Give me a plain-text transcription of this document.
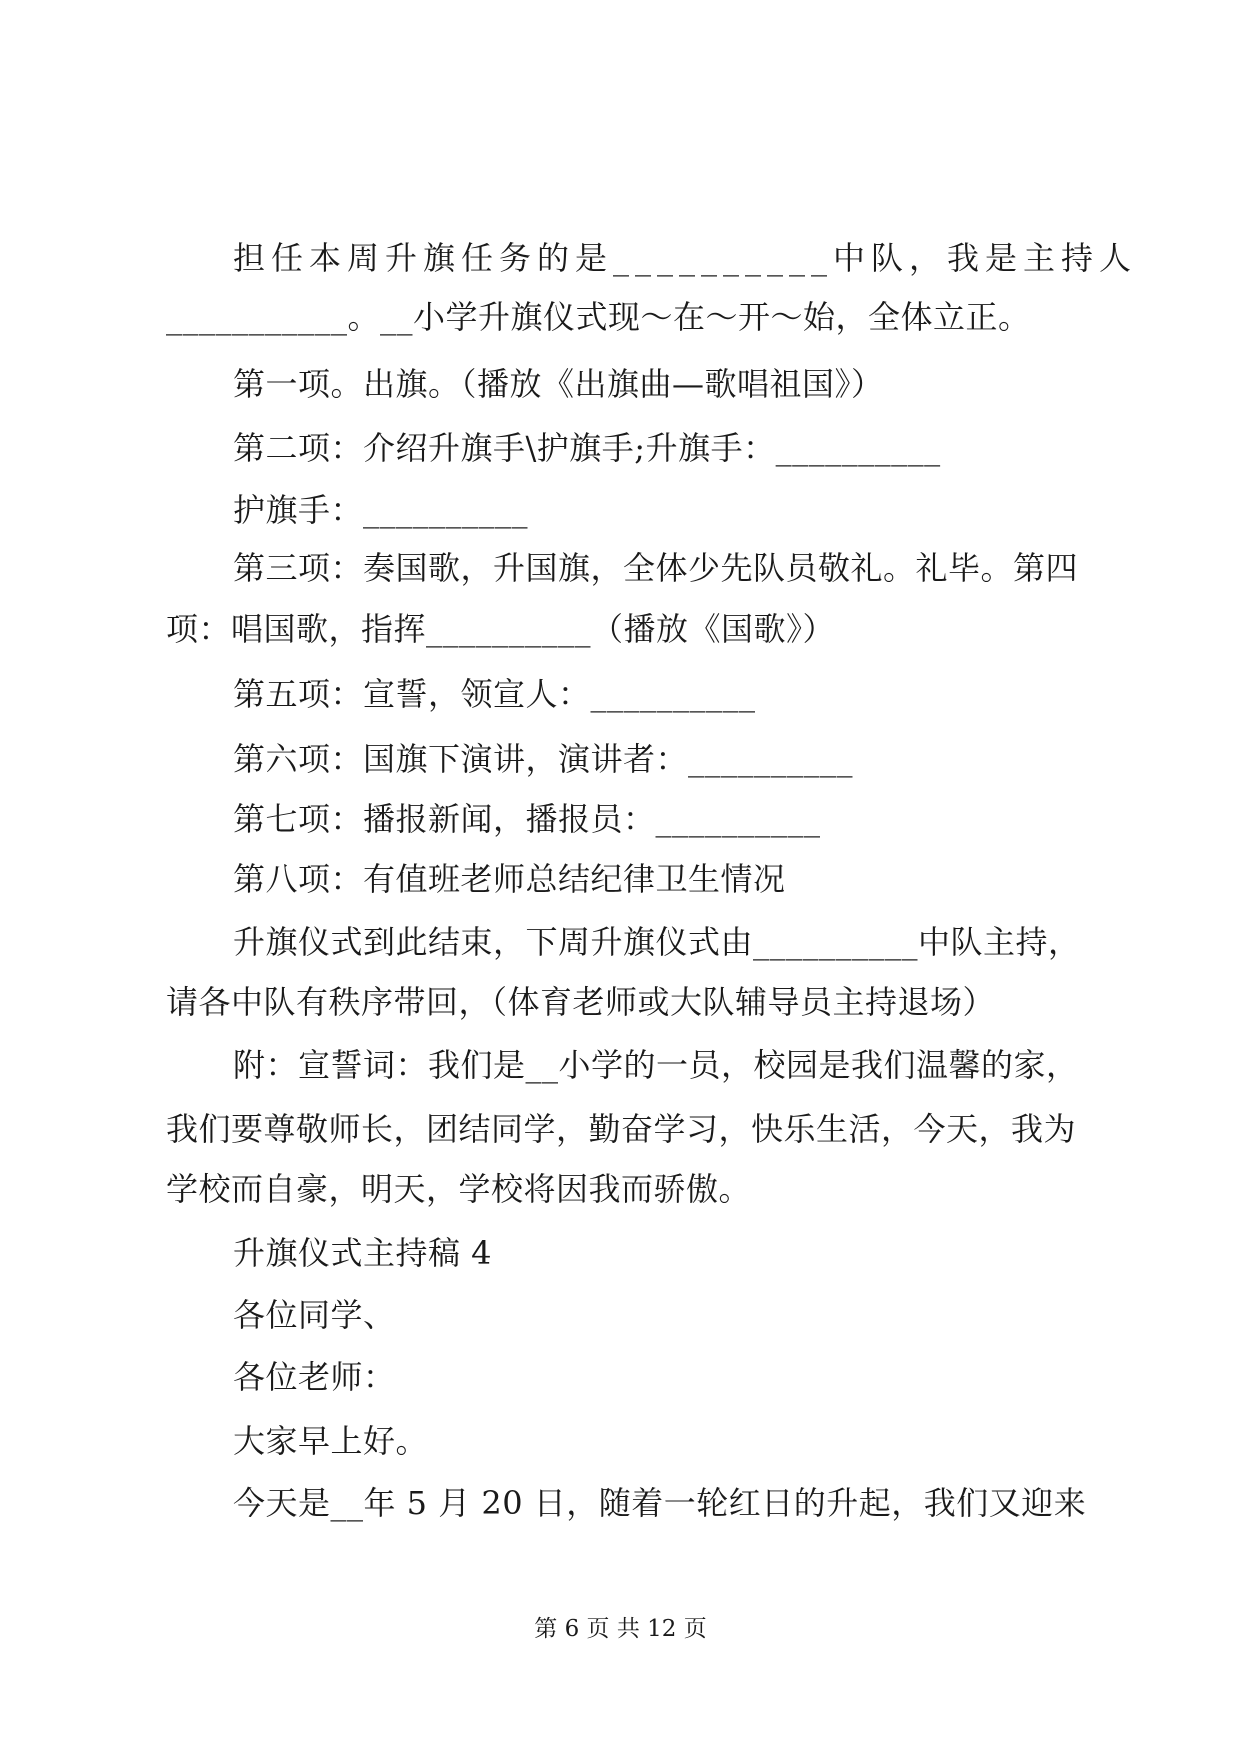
担任本周升旗任务的是__________中队，我是主持人
___________。__小学升旗仪式现～在～开～始，全体立正。
第一项。出旗。（播放《出旗曲—歌唱祖国》）
第二项：介绍升旗手\护旗手;升旗手：__________
护旗手：__________
第三项：奏国歌，升国旗，全体少先队员敬礼。礼毕。第四
项：唱国歌，指挥__________（播放《国歌》）
第五项：宣誓，领宣人：__________
第六项：国旗下演讲，演讲者：__________
第七项：播报新闻，播报员：__________
第八项：有值班老师总结纪律卫生情况
升旗仪式到此结束，下周升旗仪式由__________中队主持，
请各中队有秩序带回，（体育老师或大队辅导员主持退场）
附：宣誓词：我们是__小学的一员，校园是我们温馨的家，
我们要尊敬师长，团结同学，勤奋学习，快乐生活，今天，我为
学校而自豪，明天，学校将因我而骄傲。
升旗仪式主持稿 4
各位同学、
各位老师：
大家早上好。
今天是__年 5 月 20 日，随着一轮红日的升起，我们又迎来
第 6 页 共 12 页
